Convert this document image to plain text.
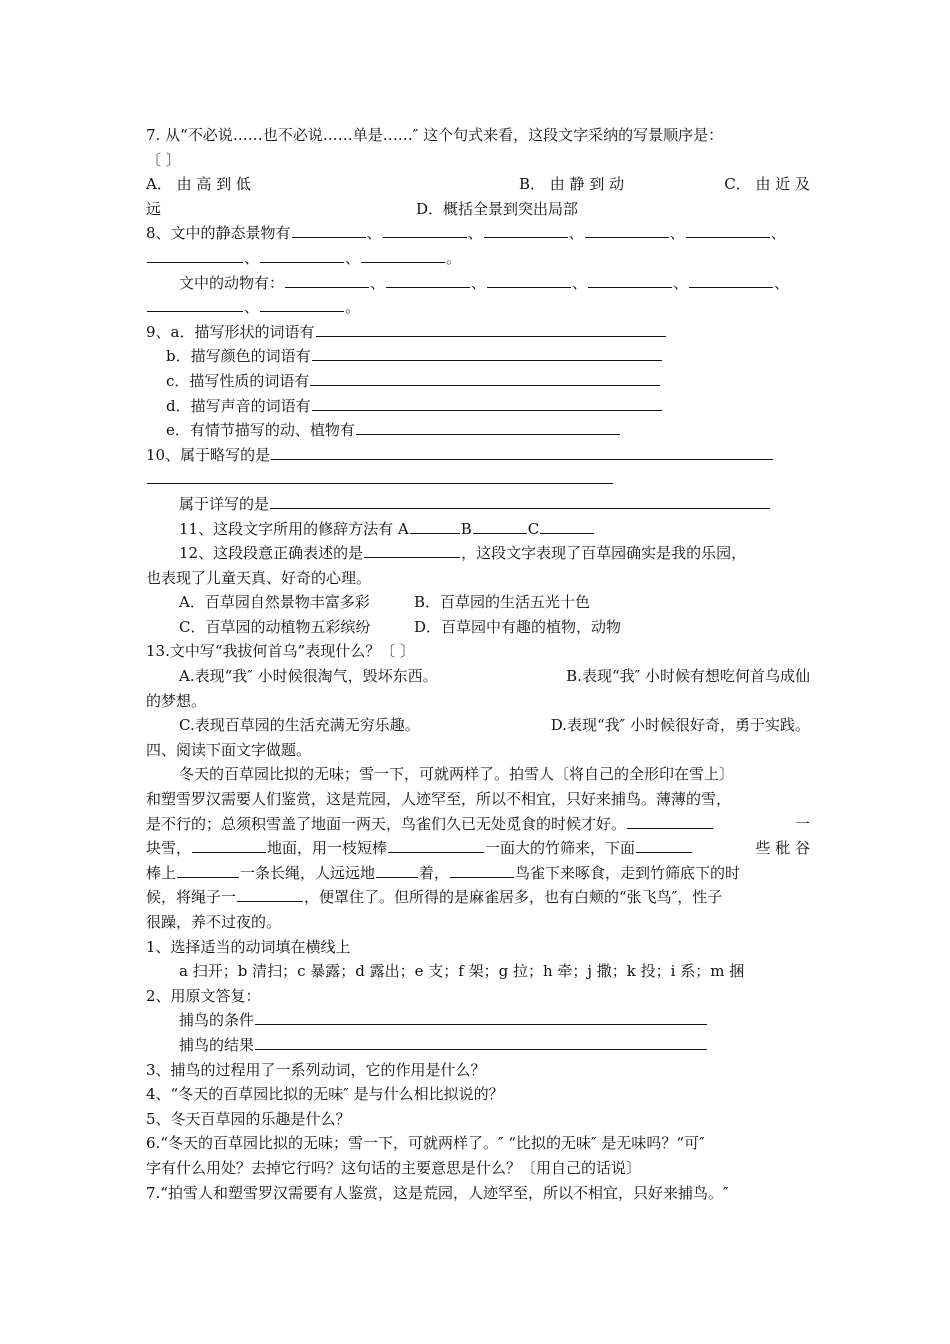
7. 从“不必说……也不必说……单是……″ 这个句式来看，这段文字采纳的写景顺序是：
〔 〕
A． 由 高 到 低	B． 由 静 到 动	C． 由 近 及
远	D．概括全景到突出局部
8、文中的静态景物有	、	、	、	、	、
、	、	。
文中的动物有：	、	、	、	、	、
、	。
9、a．描写形状的词语有
b．描写颜色的词语有
c．描写性质的词语有
d．描写声音的词语有
e．有情节描写的动、植物有
10、属于略写的是
属于详写的是
11、这段文字所用的修辞方法有 A	B	C
12、这段段意正确表述的是	，这段文字表现了百草园确实是我的乐园，
也表现了儿童天真、好奇的心理。
A．百草园自然景物丰富多彩	B．百草园的生活五光十色
C．百草园的动植物五彩缤纷	D．百草园中有趣的植物，动物
13.文中写“我拔何首乌”表现什么？〔 〕
A.表现“我″ 小时候很淘气，毁坏东西。	B.表现“我″ 小时候有想吃何首乌成仙
的梦想。
C.表现百草园的生活充满无穷乐趣。	D.表现“我″ 小时候很好奇，勇于实践。
四、阅读下面文字做题。
冬天的百草园比拟的无味；雪一下，可就两样了。拍雪人〔将自己的全形印在雪上〕
和塑雪罗汉需要人们鉴赏，这是荒园，人迹罕至，所以不相宜，只好来捕鸟。薄薄的雪，
是不行的；总须积雪盖了地面一两天，鸟雀们久已无处觅食的时候才好。	一
块雪，	地面，用一枝短棒	一面大的竹筛来，下面	些 秕 谷
棒上	一条长绳，人远远地	着，	鸟雀下来啄食，走到竹筛底下的时
候，将绳子一	，便罩住了。但所得的是麻雀居多，也有白颊的“张飞鸟″，性子
很躁，养不过夜的。
1、选择适当的动词填在横线上
a 扫开；b 清扫；c 暴露；d 露出；e 支；f 架；g 拉；h 牵；j 撒；k 投；i 系；m 捆
2、用原文答复：
捕鸟的条件
捕鸟的结果
3、捕鸟的过程用了一系列动词，它的作用是什么？
4、“冬天的百草园比拟的无味″ 是与什么相比拟说的？
5、冬天百草园的乐趣是什么？
6.“冬天的百草园比拟的无味；雪一下，可就两样了。″ “比拟的无味″ 是无味吗？“可″
字有什么用处？去掉它行吗？这句话的主要意思是什么？〔用自己的话说〕
7.“拍雪人和塑雪罗汉需要有人鉴赏，这是荒园，人迹罕至，所以不相宜，只好来捕鸟。″
